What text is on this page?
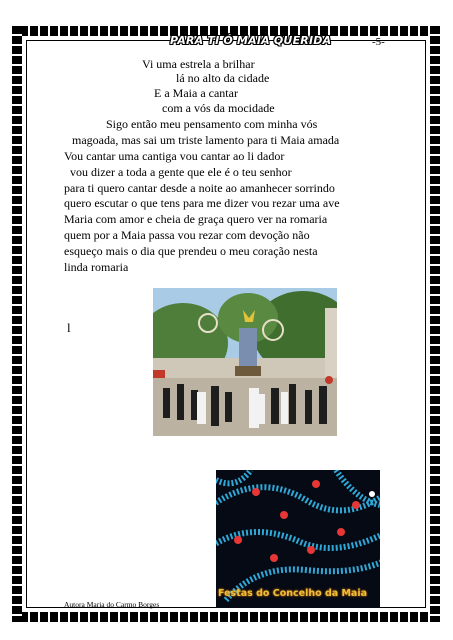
PARA TI Ó MAIA QUERIDA	-5-
Vi uma estrela a brilhar
lá no alto da cidade
E a Maia a cantar
com a vós da mocidade
Sigo então meu pensamento com minha vós
magoada, mas sai um triste lamento para ti Maia amada
Vou cantar uma cantiga vou cantar ao li dador
vou dizer a toda a gente que ele é o teu senhor
para ti quero cantar desde a noite ao amanhecer sorrindo
quero escutar o que tens para me dizer vou rezar uma ave
Maria com amor e cheia de graça quero ver na romaria
quem por a Maia passa vou rezar com devoção não
esqueço mais o dia que prendeu o meu coração nesta
linda romaria
l
Festas do Concelho da Maia
Autora Maria do Carmo Borges
